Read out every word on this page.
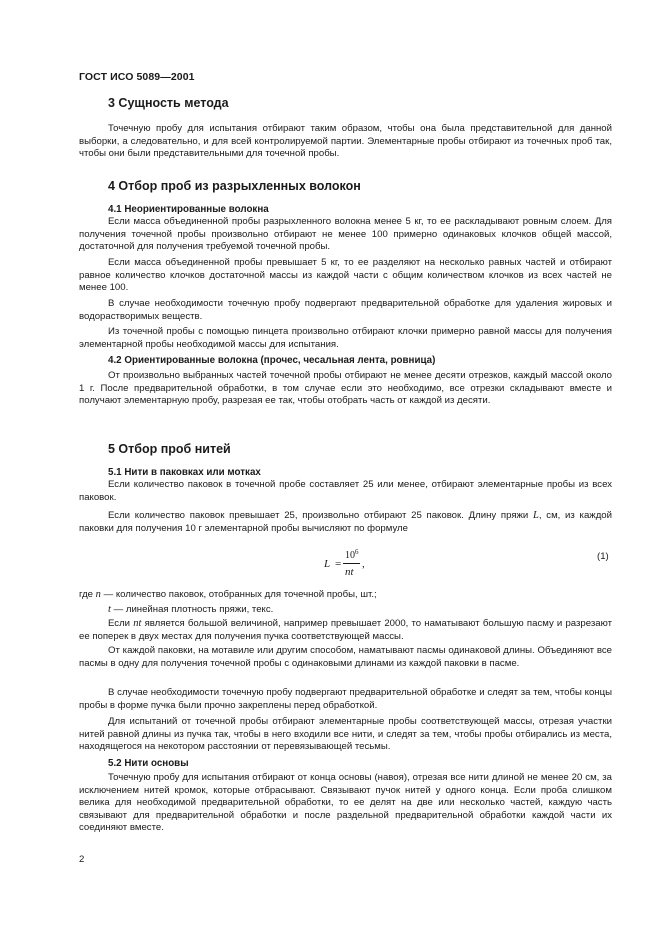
ГОСТ ИСО 5089—2001
3 Сущность метода

Точечную пробу для испытания отбирают таким образом, чтобы она была представительной для данной выборки, а следовательно, и для всей контролируемой партии. Элементарные пробы отбирают из точечных проб так, чтобы они были представительными для точечной пробы.

4 Отбор проб из разрыхленных волокон
4.1 Неориентированные волокна

Если масса объединенной пробы разрыхленного волокна менее 5 кг, то ее раскладывают ровным слоем. Для получения точечной пробы произвольно отбирают не менее 100 примерно одинаковых клочков общей массой, достаточной для получения требуемой точечной пробы.

Если масса объединенной пробы превышает 5 кг, то ее разделяют на несколько равных частей и отбирают равное количество клочков достаточной массы из каждой части с общим количеством клочков из всех частей не менее 100.

В случае необходимости точечную пробу подвергают предварительной обработке для удаления жировых и водорастворимых веществ.

Из точечной пробы с помощью пинцета произвольно отбирают клочки примерно равной массы для получения элементарной пробы необходимой массы для испытания.

4.2 Ориентированные волокна (прочес, чесальная лента, ровница)

От произвольно выбранных частей точечной пробы отбирают не менее десяти отрезков, каждый массой около 1 г. После предварительной обработки, в том случае если это необходимо, все отрезки складывают вместе и получают элементарную пробу, разрезая ее так, чтобы отобрать часть от каждой из десяти.

5 Отбор проб нитей
5.1 Нити в паковках или мотках

Если количество паковок в точечной пробе составляет 25 или менее, отбирают элементарные пробы из всех паковок.

Если количество паковок превышает 25, произвольно отбирают 25 паковок. Длину пряжи L, см, из каждой паковки для получения 10 г элементарной пробы вычисляют по формуле

L =
$10^6$
nt
,
(1)
где n — количество паковок, отобранных для точечной пробы, шт.;
t — линейная плотность пряжи, текс.

Если nt является большой величиной, например превышает 2000, то наматывают большую пасму и разрезают ее поперек в двух местах для получения пучка соответствующей массы.

От каждой паковки, на мотавиле или другим способом, наматывают пасмы одинаковой длины. Объединяют все пасмы в одну для получения точечной пробы с одинаковыми длинами из каждой паковки в пасме.

В случае необходимости точечную пробу подвергают предварительной обработке и следят за тем, чтобы концы пробы в форме пучка были прочно закреплены перед обработкой.

Для испытаний от точечной пробы отбирают элементарные пробы соответствующей массы, отрезая участки нитей равной длины из пучка так, чтобы в него входили все нити, и следят за тем, чтобы пробы отбирались из места, находящегося на некотором расстоянии от перевязывающей тесьмы.

5.2 Нити основы

Точечную пробу для испытания отбирают от конца основы (навоя), отрезая все нити длиной не менее 20 см, за исключением нитей кромок, которые отбрасывают. Связывают пучок нитей у одного конца. Если проба слишком велика для необходимой предварительной обработки, то ее делят на две или несколько частей, каждую часть связывают для предварительной обработки и после раздельной предварительной обработки каждой части их соединяют вместе.

2
